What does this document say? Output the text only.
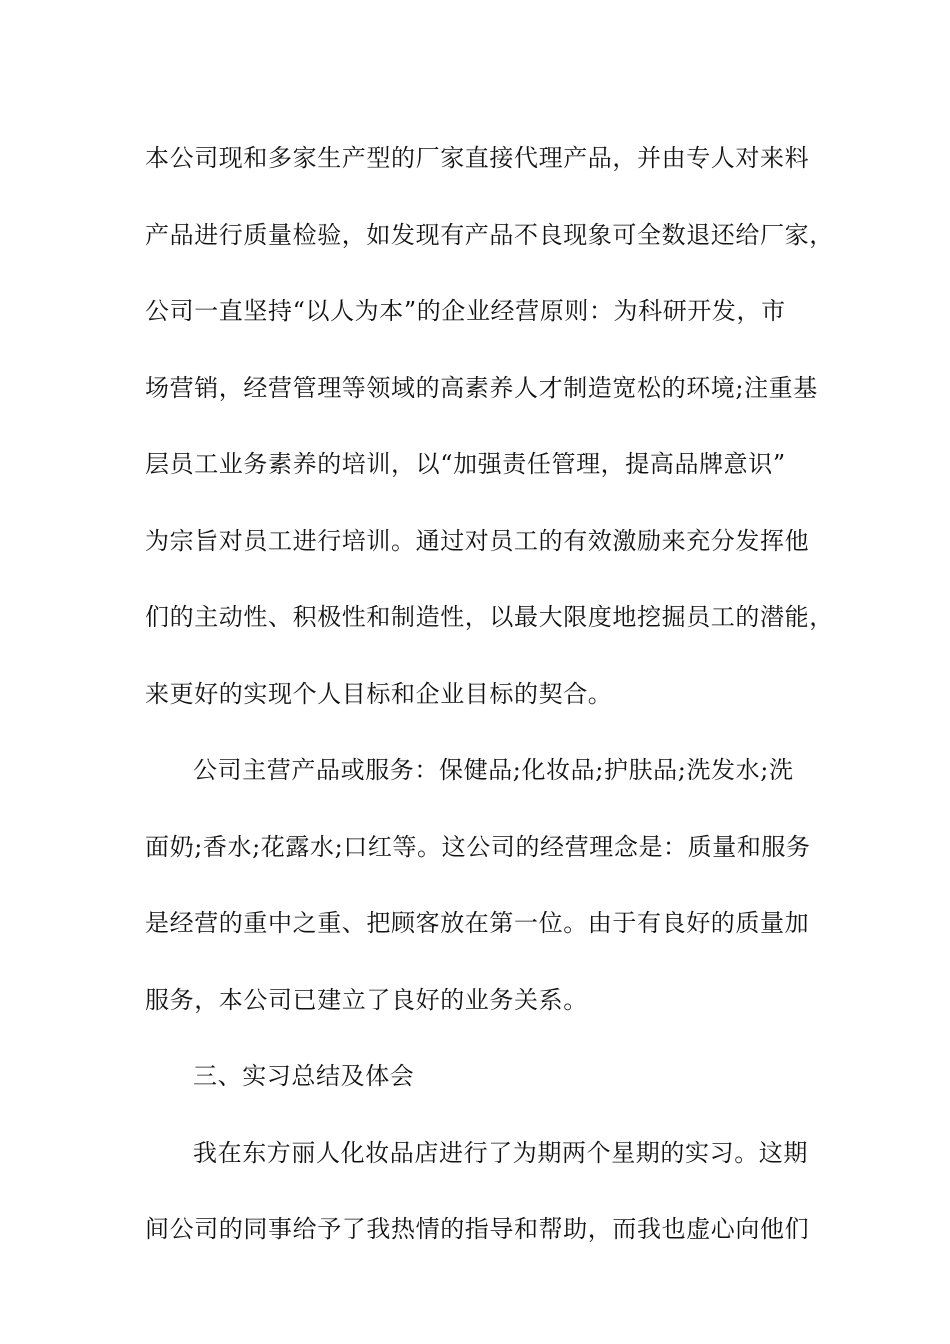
本公司现和多家生产型的厂家直接代理产品，并由专人对来料
产品进行质量检验，如发现有产品不良现象可全数退还给厂家，
公司一直坚持“以人为本”的企业经营原则：为科研开发，市
场营销，经营管理等领域的高素养人才制造宽松的环境;注重基
层员工业务素养的培训，以“加强责任管理，提高品牌意识”
为宗旨对员工进行培训。通过对员工的有效激励来充分发挥他
们的主动性、积极性和制造性，以最大限度地挖掘员工的潜能，
来更好的实现个人目标和企业目标的契合。
公司主营产品或服务：保健品;化妆品;护肤品;洗发水;洗
面奶;香水;花露水;口红等。这公司的经营理念是：质量和服务
是经营的重中之重、把顾客放在第一位。由于有良好的质量加
服务，本公司已建立了良好的业务关系。
三、实习总结及体会
我在东方丽人化妆品店进行了为期两个星期的实习。这期
间公司的同事给予了我热情的指导和帮助，而我也虚心向他们
